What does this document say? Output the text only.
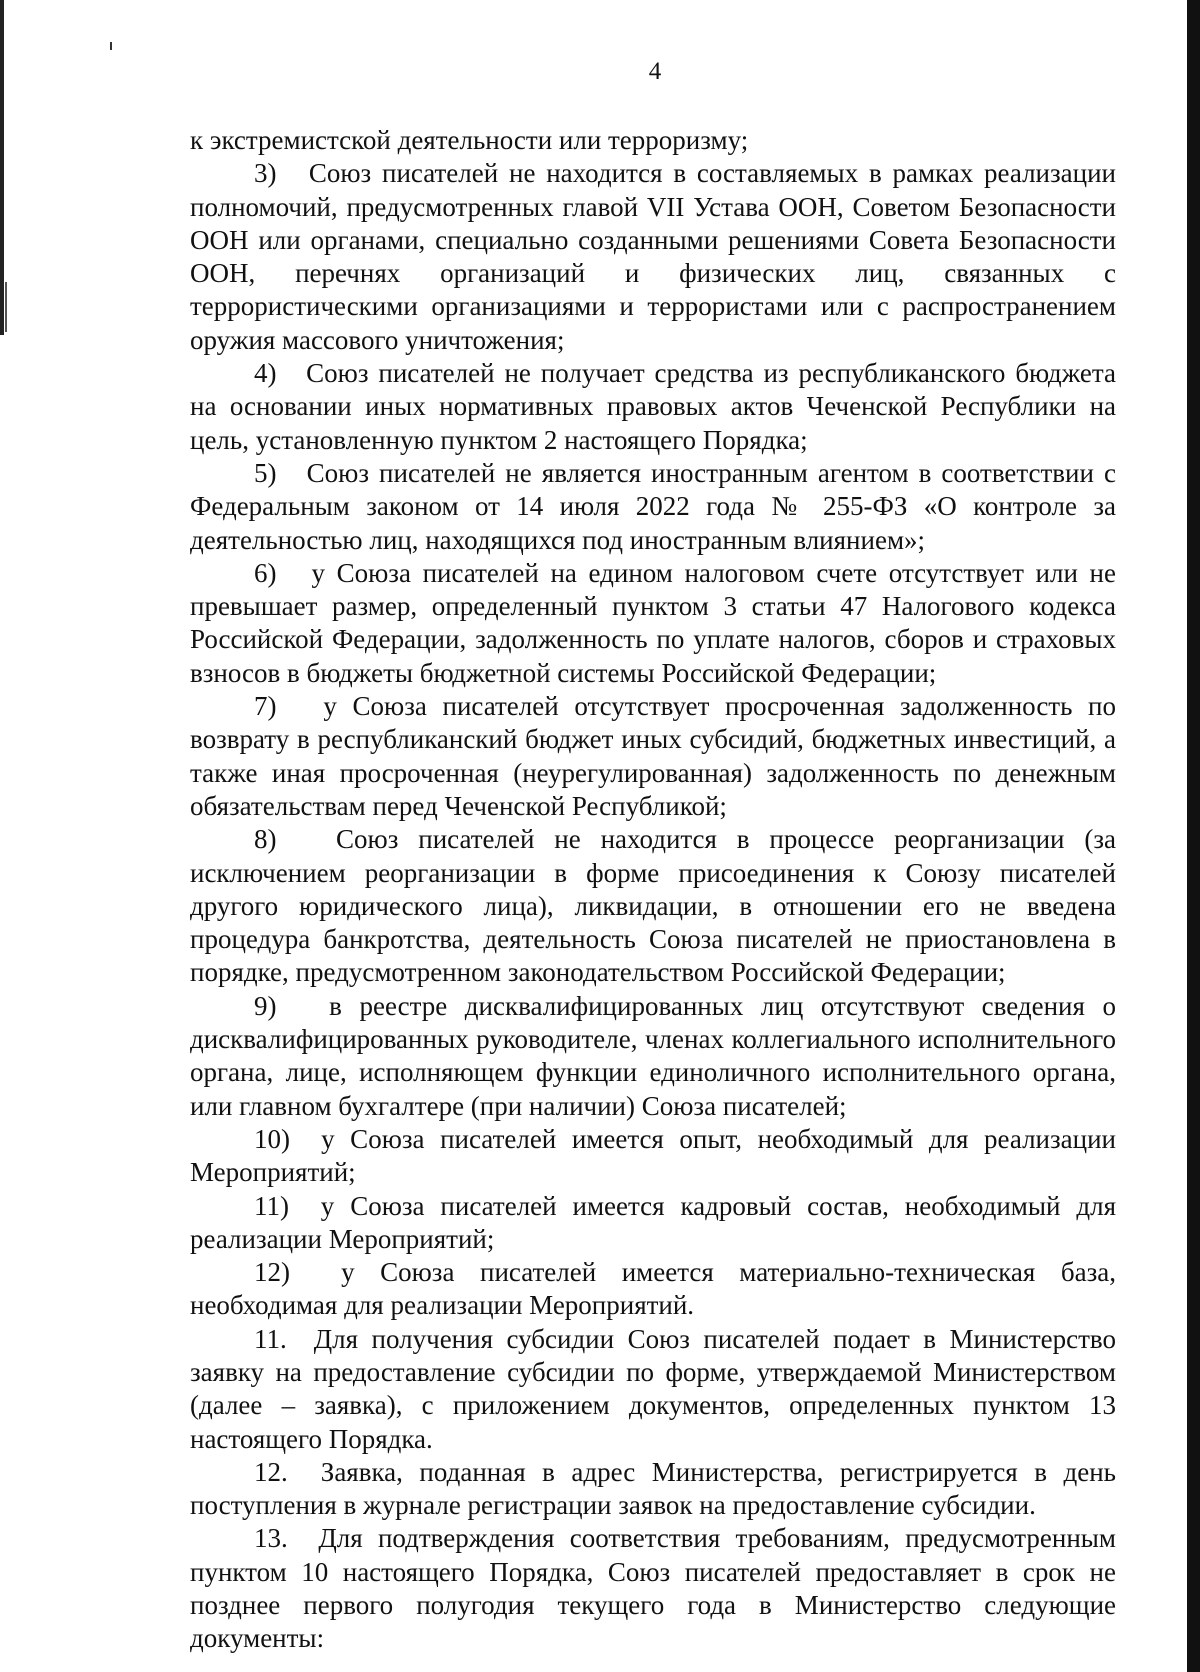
4

к экстремистской деятельности или терроризму;

3)   Союз писателей не находится в составляемых в рамках реализации полномочий, предусмотренных главой VII Устава ООН, Советом Безопасности ООН или органами, специально созданными решениями Совета Безопасности ООН, перечнях организаций и физических лиц, связанных с террористическими организациями и террористами или с распространением оружия массового уничтожения;

4)   Союз писателей не получает средства из республиканского бюджета на основании иных нормативных правовых актов Чеченской Республики на цель, установленную пунктом 2 настоящего Порядка;

5)   Союз писателей не является иностранным агентом в соответствии с Федеральным законом от 14 июля 2022 года № 255-ФЗ «О контроле за деятельностью лиц, находящихся под иностранным влиянием»;

6)   у Союза писателей на едином налоговом счете отсутствует или не превышает размер, определенный пунктом 3 статьи 47 Налогового кодекса Российской Федерации, задолженность по уплате налогов, сборов и страховых взносов в бюджеты бюджетной системы Российской Федерации;

7)   у Союза писателей отсутствует просроченная задолженность по возврату в республиканский бюджет иных субсидий, бюджетных инвестиций, а также иная просроченная (неурегулированная) задолженность по денежным обязательствам перед Чеченской Республикой;

8)   Союз писателей не находится в процессе реорганизации (за исключением реорганизации в форме присоединения к Союзу писателей другого юридического лица), ликвидации, в отношении его не введена процедура банкротства, деятельность Союза писателей не приостановлена в порядке, предусмотренном законодательством Российской Федерации;

9)   в реестре дисквалифицированных лиц отсутствуют сведения о дисквалифицированных руководителе, членах коллегиального исполнительного органа, лице, исполняющем функции единоличного исполнительного органа, или главном бухгалтере (при наличии) Союза писателей;

10)  у Союза писателей имеется опыт, необходимый для реализации Мероприятий;

11)  у Союза писателей имеется кадровый состав, необходимый для реализации Мероприятий;

12)  у Союза писателей имеется материально-техническая база, необходимая для реализации Мероприятий.

11.  Для получения субсидии Союз писателей подает в Министерство заявку на предоставление субсидии по форме, утверждаемой Министерством (далее – заявка), с приложением документов, определенных пунктом 13 настоящего Порядка.

12.  Заявка, поданная в адрес Министерства, регистрируется в день поступления в журнале регистрации заявок на предоставление субсидии.

13.  Для подтверждения соответствия требованиям, предусмотренным пунктом 10 настоящего Порядка, Союз писателей предоставляет в срок не позднее первого полугодия текущего года в Министерство следующие документы:
